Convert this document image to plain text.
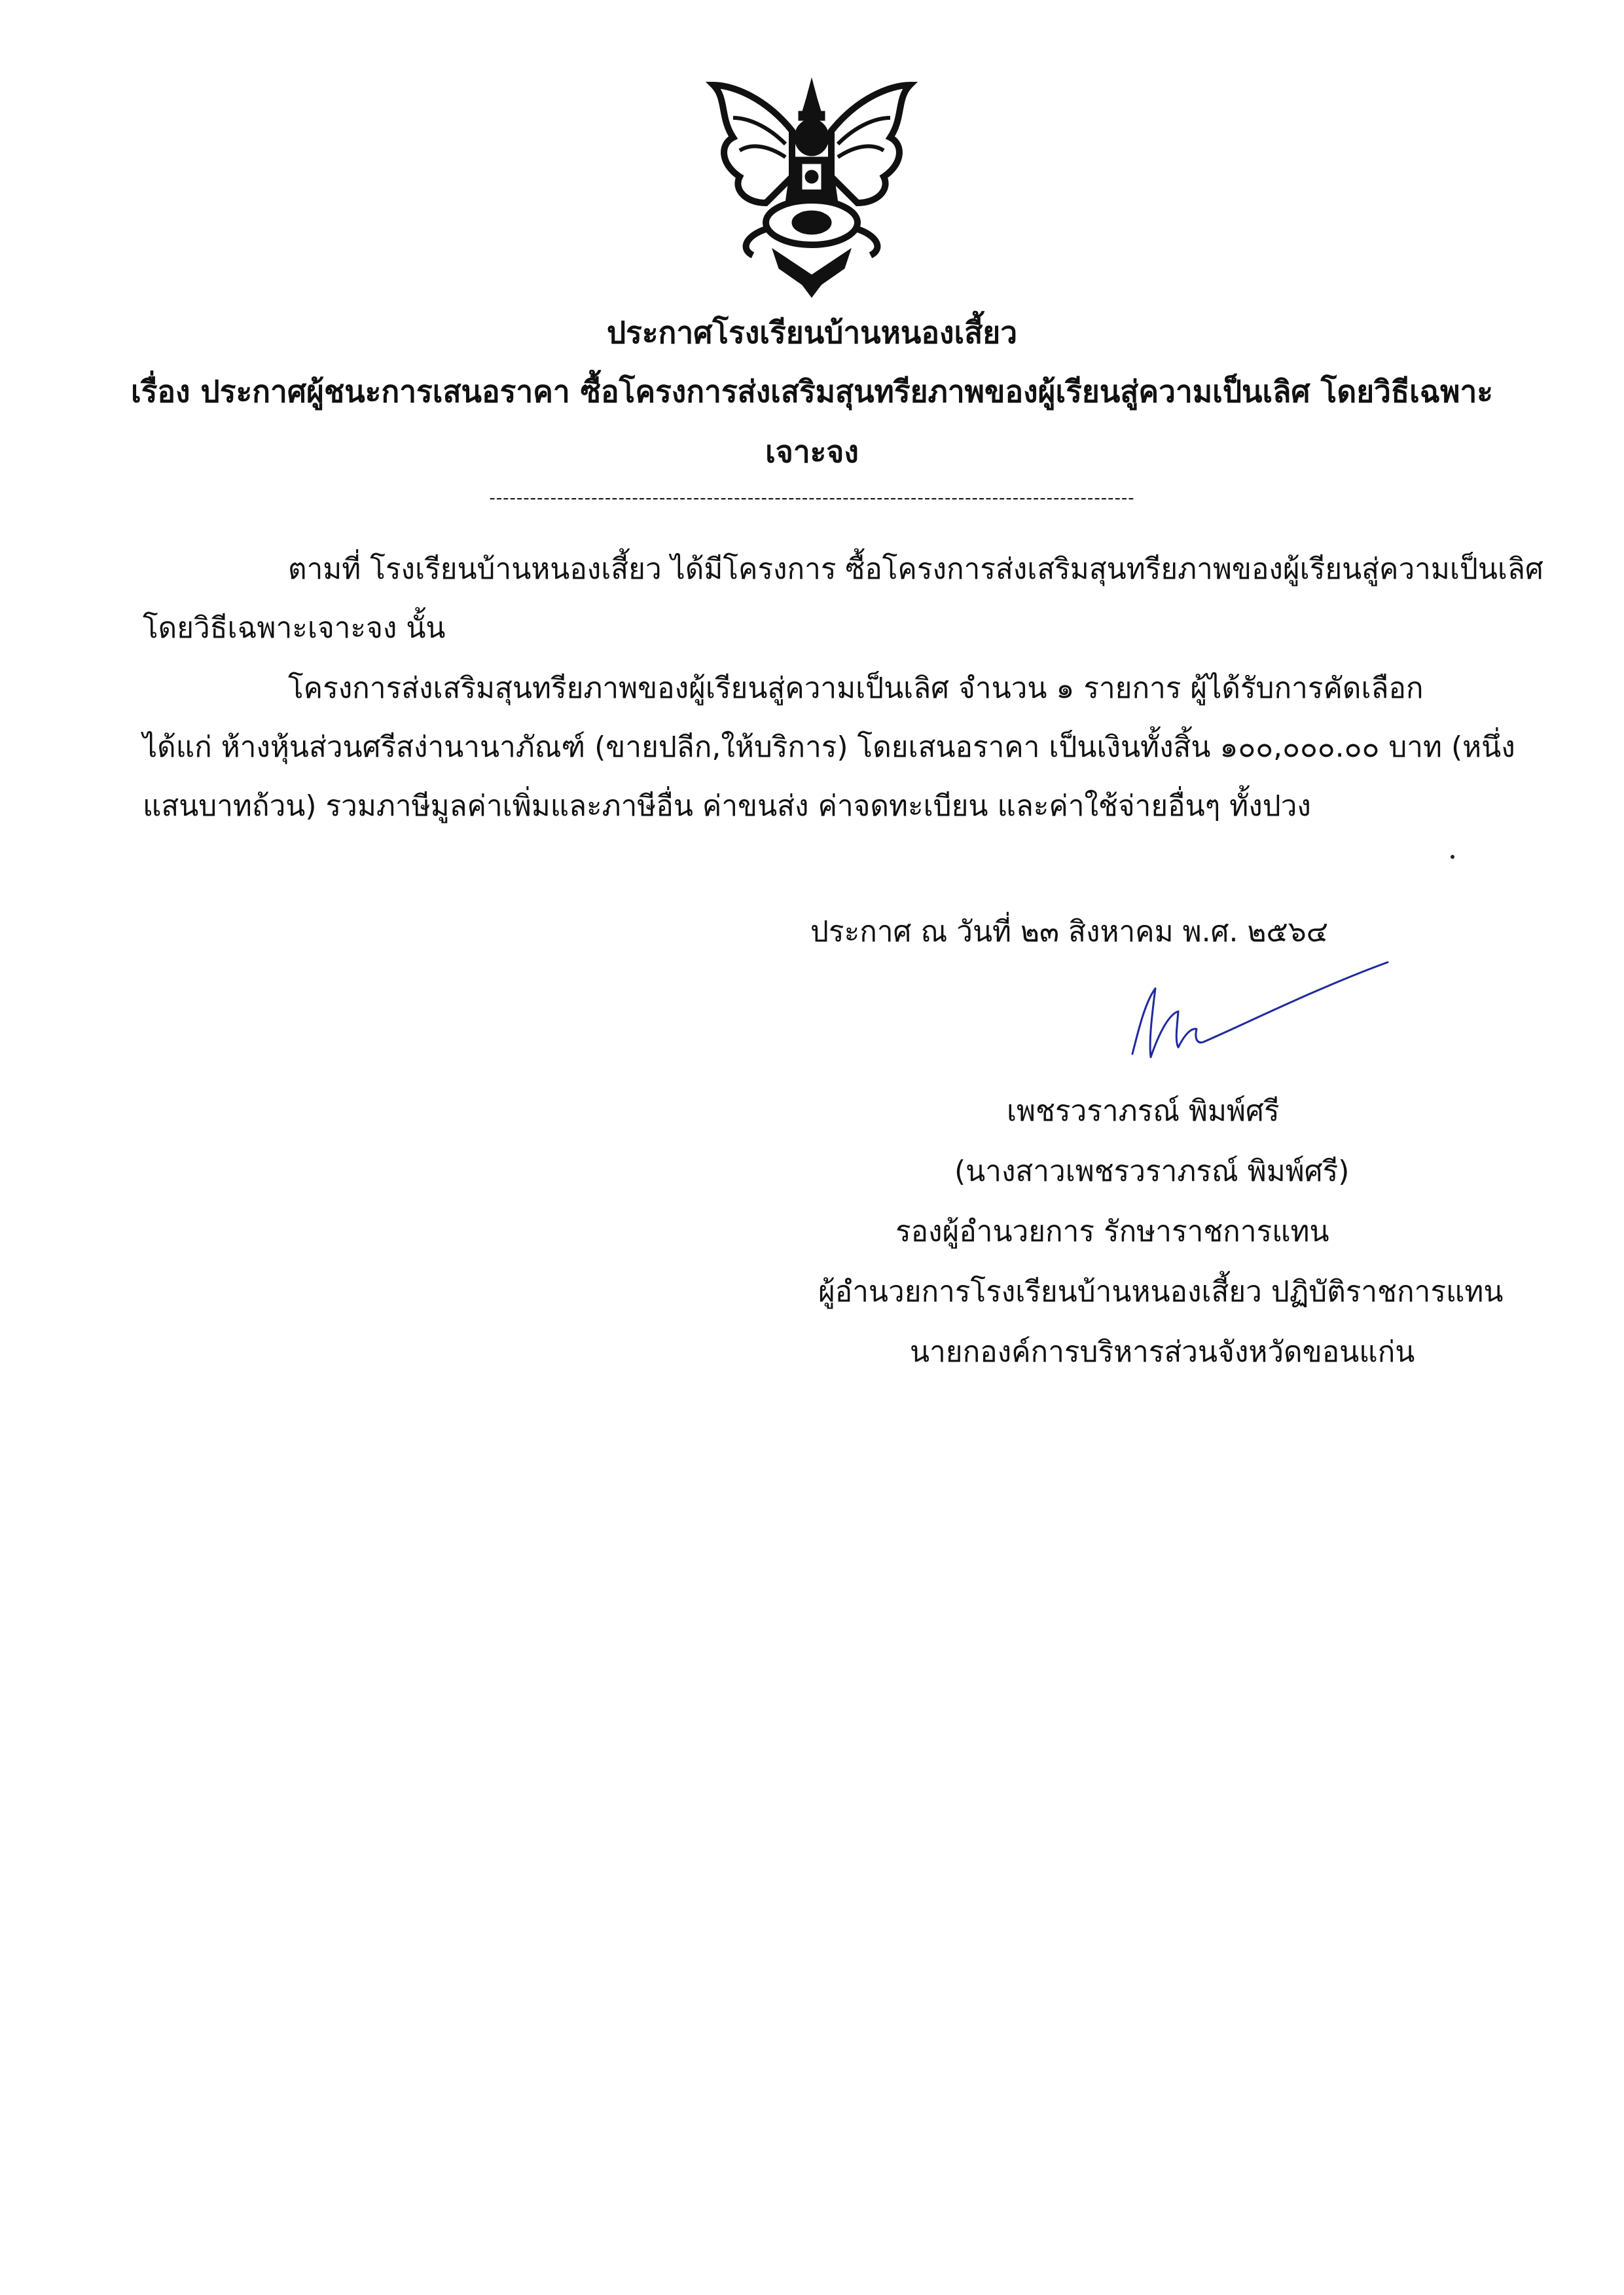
ประกาศโรงเรียนบ้านหนองเสี้ยว
เรื่อง ประกาศผู้ชนะการเสนอราคา ซื้อโครงการส่งเสริมสุนทรียภาพของผู้เรียนสู่ความเป็นเลิศ โดยวิธีเฉพาะ
เจาะจง
-----------------------------------------------------------------------------------------------
ตามที่ โรงเรียนบ้านหนองเสี้ยว ได้มีโครงการ ซื้อโครงการส่งเสริมสุนทรียภาพของผู้เรียนสู่ความเป็นเลิศ
โดยวิธีเฉพาะเจาะจง นั้น
โครงการส่งเสริมสุนทรียภาพของผู้เรียนสู่ความเป็นเลิศ จำนวน ๑ รายการ ผู้ได้รับการคัดเลือก
ได้แก่ ห้างหุ้นส่วนศรีสง่านานาภัณฑ์ (ขายปลีก,ให้บริการ) โดยเสนอราคา เป็นเงินทั้งสิ้น ๑๐๐,๐๐๐.๐๐ บาท (หนึ่ง
แสนบาทถ้วน) รวมภาษีมูลค่าเพิ่มและภาษีอื่น ค่าขนส่ง ค่าจดทะเบียน และค่าใช้จ่ายอื่นๆ ทั้งปวง
ประกาศ ณ วันที่ ๒๓ สิงหาคม พ.ศ. ๒๕๖๔
เพชรวราภรณ์ พิมพ์ศรี
(นางสาวเพชรวราภรณ์ พิมพ์ศรี)
รองผู้อำนวยการ รักษาราชการแทน
ผู้อำนวยการโรงเรียนบ้านหนองเสี้ยว ปฏิบัติราชการแทน
นายกองค์การบริหารส่วนจังหวัดขอนแก่น
